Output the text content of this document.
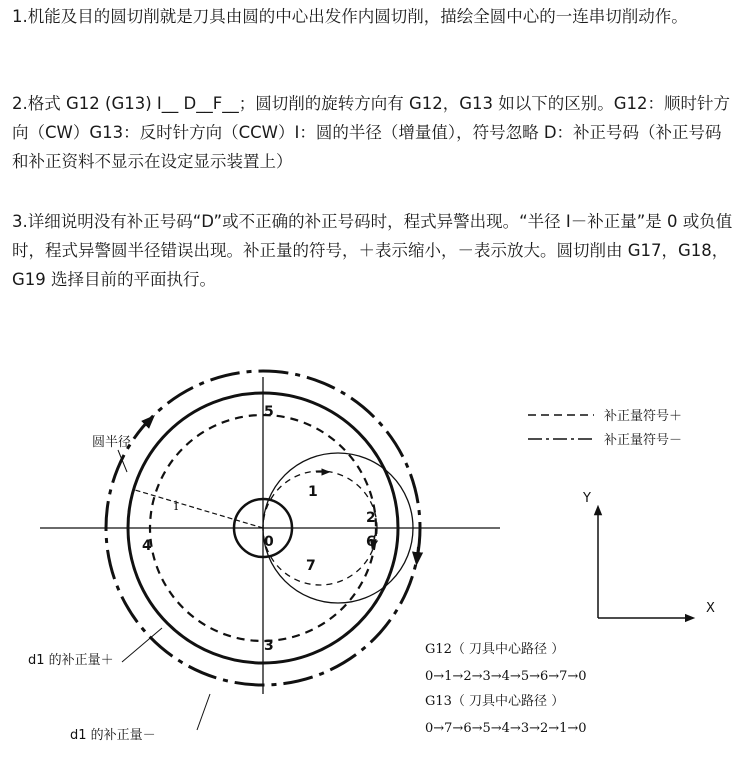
1.机能及目的圆切削就是刀具由圆的中心出发作内圆切削，描绘全圆中心的一连串切削动作。

2.格式 G12 (G13) I__ D__F__；圆切削的旋转方向有 G12，G13 如以下的区别。G12：顺时针方向（CW）G13：反时针方向（CCW）I：圆的半径（增量值），符号忽略 D：补正号码（补正号码和补正资料不显示在设定显示装置上）

3.详细说明没有补正号码“D”或不正确的补正号码时，程式异警出现。“半径 I－补正量”是 0 或负值时，程式异警圆半径错误出现。补正量的符号，＋表示缩小，－表示放大。圆切削由 G17，G18，G19 选择目前的平面执行。

0
1
2
3
4
5
6
7
i
圆半径
d1 的补正量＋
d1 的补正量－
补正量符号＋
补正量符号－
Y
X
G12（ 刀具中心路径 ）
0→1→2→3→4→5→6→7→0
G13（ 刀具中心路径 ）
0→7→6→5→4→3→2→1→0
